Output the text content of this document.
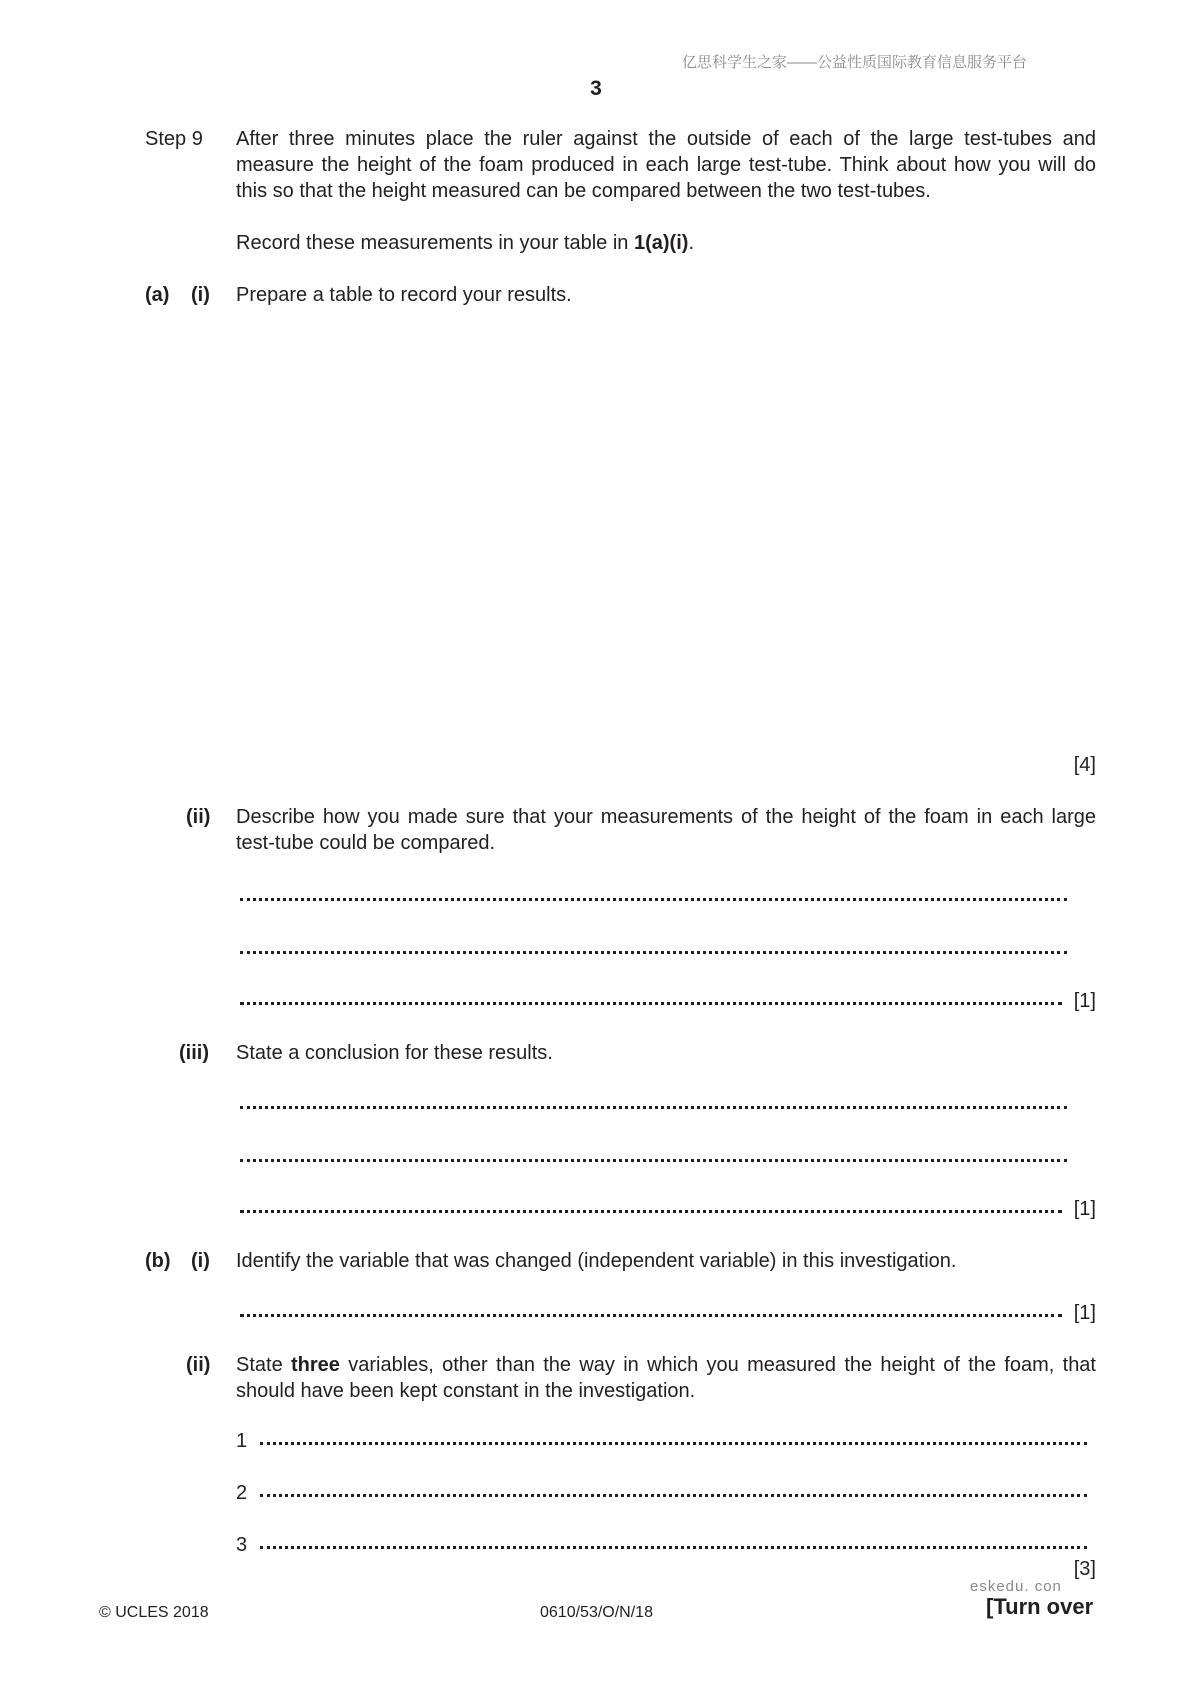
亿思科学生之家——公益性质国际教育信息服务平台
3
Step 9 After three minutes place the ruler against the outside of each of the large test-tubes and measure the height of the foam produced in each large test-tube. Think about how you will do this so that the height measured can be compared between the two test-tubes.
Record these measurements in your table in 1(a)(i).
(a) (i) Prepare a table to record your results.
[4]
(ii) Describe how you made sure that your measurements of the height of the foam in each large test-tube could be compared.
[1]
(iii) State a conclusion for these results.
[1]
(b) (i) Identify the variable that was changed (independent variable) in this investigation.
[1]
(ii) State three variables, other than the way in which you measured the height of the foam, that should have been kept constant in the investigation.
1
2
3
[3]
eskedu. con
© UCLES 2018	0610/53/O/N/18	[Turn over
